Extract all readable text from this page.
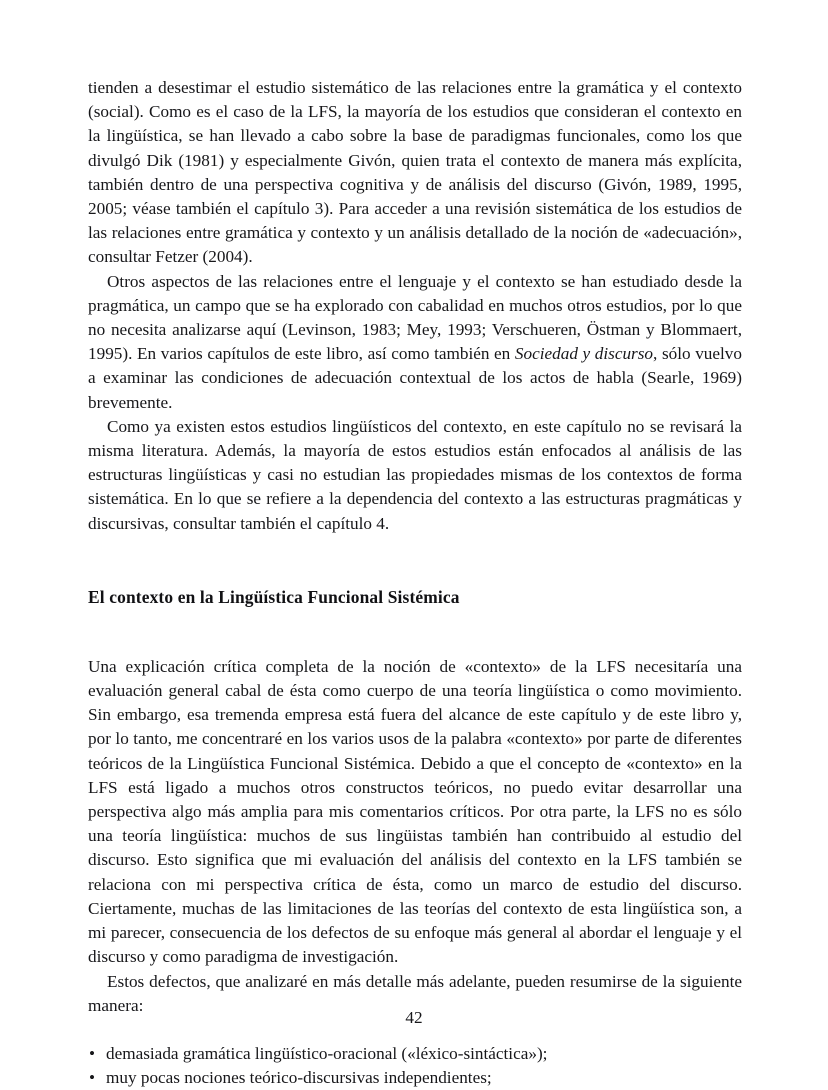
tienden a desestimar el estudio sistemático de las relaciones entre la gramática y el contexto (social). Como es el caso de la LFS, la mayoría de los estudios que consideran el contexto en la lingüística, se han llevado a cabo sobre la base de paradigmas funcionales, como los que divulgó Dik (1981) y especialmente Givón, quien trata el contexto de manera más explícita, también dentro de una perspectiva cognitiva y de análisis del discurso (Givón, 1989, 1995, 2005; véase también el capítulo 3). Para acceder a una revisión sistemática de los estudios de las relaciones entre gramática y contexto y un análisis detallado de la noción de «adecuación», consultar Fetzer (2004).

Otros aspectos de las relaciones entre el lenguaje y el contexto se han estudiado desde la pragmática, un campo que se ha explorado con cabalidad en muchos otros estudios, por lo que no necesita analizarse aquí (Levinson, 1983; Mey, 1993; Verschueren, Östman y Blommaert, 1995). En varios capítulos de este libro, así como también en Sociedad y discurso, sólo vuelvo a examinar las condiciones de adecuación contextual de los actos de habla (Searle, 1969) brevemente.

Como ya existen estos estudios lingüísticos del contexto, en este capítulo no se revisará la misma literatura. Además, la mayoría de estos estudios están enfocados al análisis de las estructuras lingüísticas y casi no estudian las propiedades mismas de los contextos de forma sistemática. En lo que se refiere a la dependencia del contexto a las estructuras pragmáticas y discursivas, consultar también el capítulo 4.

El contexto en la Lingüística Funcional Sistémica

Una explicación crítica completa de la noción de «contexto» de la LFS necesitaría una evaluación general cabal de ésta como cuerpo de una teoría lingüística o como movimiento. Sin embargo, esa tremenda empresa está fuera del alcance de este capítulo y de este libro y, por lo tanto, me concentraré en los varios usos de la palabra «contexto» por parte de diferentes teóricos de la Lingüística Funcional Sistémica. Debido a que el concepto de «contexto» en la LFS está ligado a muchos otros constructos teóricos, no puedo evitar desarrollar una perspectiva algo más amplia para mis comentarios críticos. Por otra parte, la LFS no es sólo una teoría lingüística: muchos de sus lingüistas también han contribuido al estudio del discurso. Esto significa que mi evaluación del análisis del contexto en la LFS también se relaciona con mi perspectiva crítica de ésta, como un marco de estudio del discurso. Ciertamente, muchas de las limitaciones de las teorías del contexto de esta lingüística son, a mi parecer, consecuencia de los defectos de su enfoque más general al abordar el lenguaje y el discurso y como paradigma de investigación.

Estos defectos, que analizaré en más detalle más adelante, pueden resumirse de la siguiente manera:

• demasiada gramática lingüístico-oracional («léxico-sintáctica»);
• muy pocas nociones teórico-discursivas independientes;
42
